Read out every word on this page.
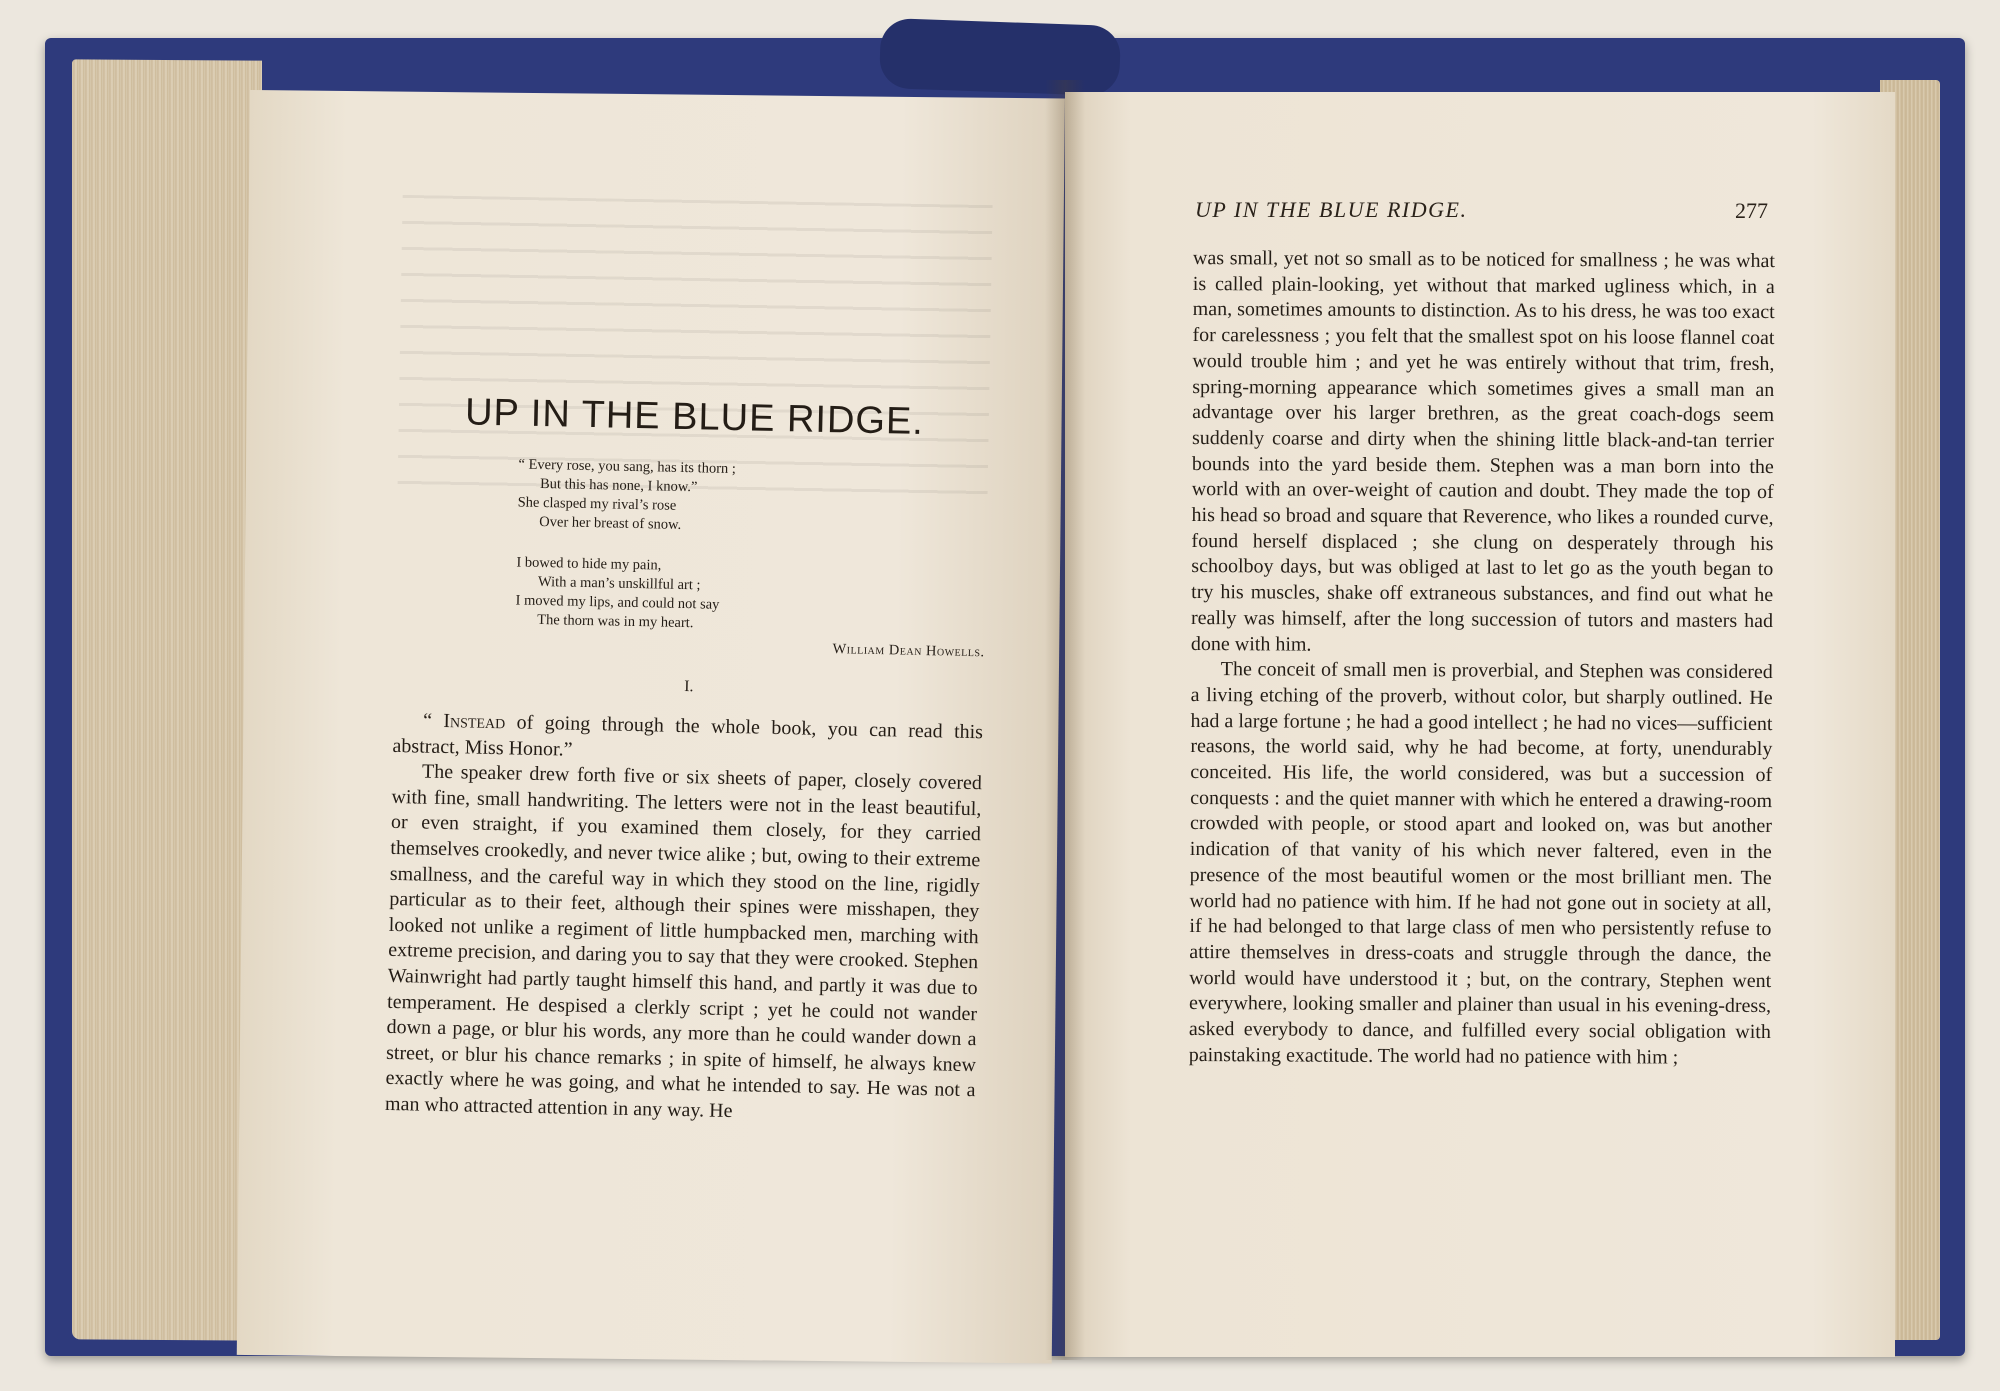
UP IN THE BLUE RIDGE.
“ Every rose, you sang, has its thorn ;
But this has none, I know.”
She clasped my rival’s rose
Over her breast of snow.
I bowed to hide my pain,
With a man’s unskillful art ;
I moved my lips, and could not say
The thorn was in my heart.
William Dean Howells.
I.

“ Instead of going through the whole book, you can read this abstract, Miss Honor.”

The speaker drew forth five or six sheets of paper, closely covered with fine, small handwriting. The letters were not in the least beautiful, or even straight, if you examined them closely, for they carried themselves crookedly, and never twice alike ; but, owing to their extreme smallness, and the careful way in which they stood on the line, rigidly particular as to their feet, although their spines were misshapen, they looked not unlike a regiment of little humpbacked men, marching with extreme precision, and daring you to say that they were crooked. Stephen Wainwright had partly taught himself this hand, and partly it was due to temperament. He despised a clerkly script ; yet he could not wander down a page, or blur his words, any more than he could wander down a street, or blur his chance remarks ; in spite of himself, he always knew exactly where he was going, and what he intended to say. He was not a man who attracted attention in any way. He

UP IN THE BLUE RIDGE.	277

was small, yet not so small as to be noticed for smallness ; he was what is called plain-looking, yet without that marked ugliness which, in a man, sometimes amounts to distinction. As to his dress, he was too exact for carelessness ; you felt that the smallest spot on his loose flannel coat would trouble him ; and yet he was entirely without that trim, fresh, spring-morning appearance which sometimes gives a small man an advantage over his larger brethren, as the great coach-dogs seem suddenly coarse and dirty when the shining little black-and-tan terrier bounds into the yard beside them. Stephen was a man born into the world with an over-weight of caution and doubt. They made the top of his head so broad and square that Reverence, who likes a rounded curve, found herself displaced ; she clung on desperately through his schoolboy days, but was obliged at last to let go as the youth began to try his muscles, shake off extraneous substances, and find out what he really was himself, after the long succession of tutors and masters had done with him.

The conceit of small men is proverbial, and Stephen was considered a living etching of the proverb, without color, but sharply outlined. He had a large fortune ; he had a good intellect ; he had no vices—sufficient reasons, the world said, why he had become, at forty, unendurably conceited. His life, the world considered, was but a succession of conquests : and the quiet manner with which he entered a drawing-room crowded with people, or stood apart and looked on, was but another indication of that vanity of his which never faltered, even in the presence of the most beautiful women or the most brilliant men. The world had no patience with him. If he had not gone out in society at all, if he had belonged to that large class of men who persistently refuse to attire themselves in dress-coats and struggle through the dance, the world would have understood it ; but, on the contrary, Stephen went everywhere, looking smaller and plainer than usual in his evening-dress, asked everybody to dance, and fulfilled every social obligation with painstaking exactitude. The world had no patience with him ;
